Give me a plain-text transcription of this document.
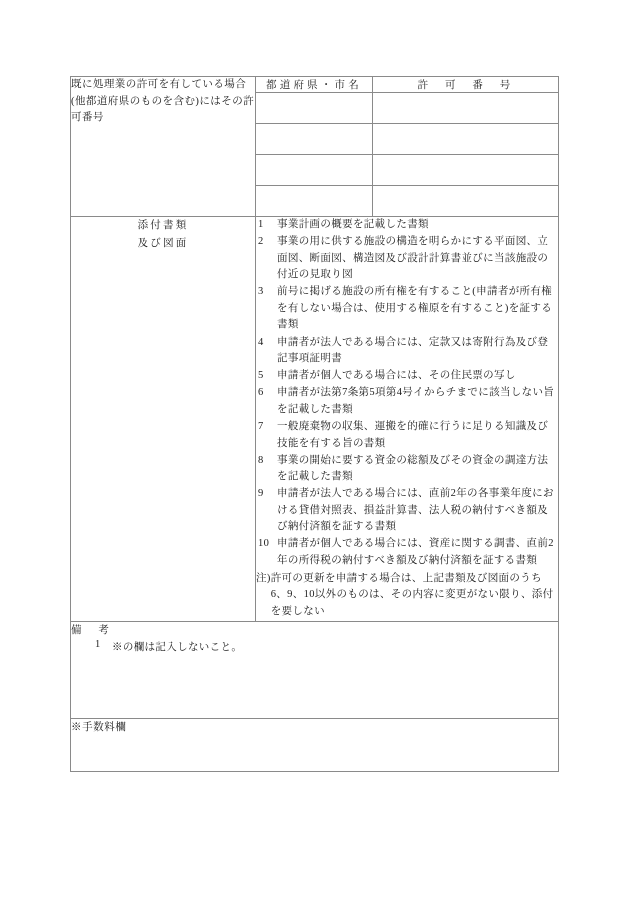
既に処理業の許可を有している場合(他都道府県のものを含む)にはその許可番号	都道府県・市名	許　可　番　号

添付書類
及び図面	
1	事業計画の概要を記載した書類
2	事業の用に供する施設の構造を明らかにする平面図、立面図、断面図、構造図及び設計計算書並びに当該施設の付近の見取り図
3	前号に掲げる施設の所有権を有すること(申請者が所有権を有しない場合は、使用する権原を有すること)を証する書類
4	申請者が法人である場合には、定款又は寄附行為及び登記事項証明書
5	申請者が個人である場合には、その住民票の写し
6	申請者が法第7条第5項第4号イからチまでに該当しない旨を記載した書類
7	一般廃棄物の収集、運搬を的確に行うに足りる知識及び技能を有する旨の書類
8	事業の開始に要する資金の総額及びその資金の調達方法を記載した書類
9	申請者が法人である場合には、直前2年の各事業年度における貸借対照表、損益計算書、法人税の納付すべき額及び納付済額を証する書類
10 申請者が個人である場合には、資産に関する調書、直前2年の所得税の納付すべき額及び納付済額を証する書類
注) 許可の更新を申請する場合は、上記書類及び図面のうち6、9、10以外のものは、その内容に変更がない限り、添付を要しない

備　考
1 ※の欄は記入しないこと。		

※手数料欄		
